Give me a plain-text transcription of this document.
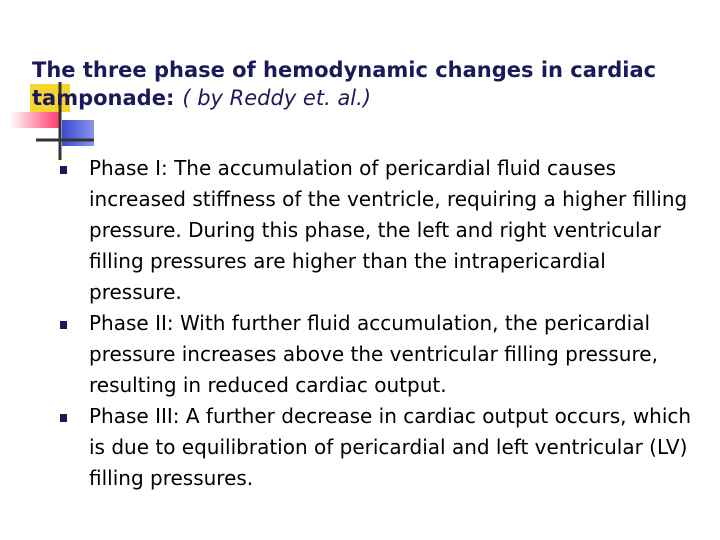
The three phase of hemodynamic changes in cardiac tamponade: ( by Reddy et. al.)
Phase I: The accumulation of pericardial fluid causes increased stiffness of the ventricle, requiring a higher filling pressure. During this phase, the left and right ventricular filling pressures are higher than the intrapericardial pressure.
Phase II: With further fluid accumulation, the pericardial pressure increases above the ventricular filling pressure, resulting in reduced cardiac output.
Phase III: A further decrease in cardiac output occurs, which is due to equilibration of pericardial and left ventricular (LV) filling pressures.
